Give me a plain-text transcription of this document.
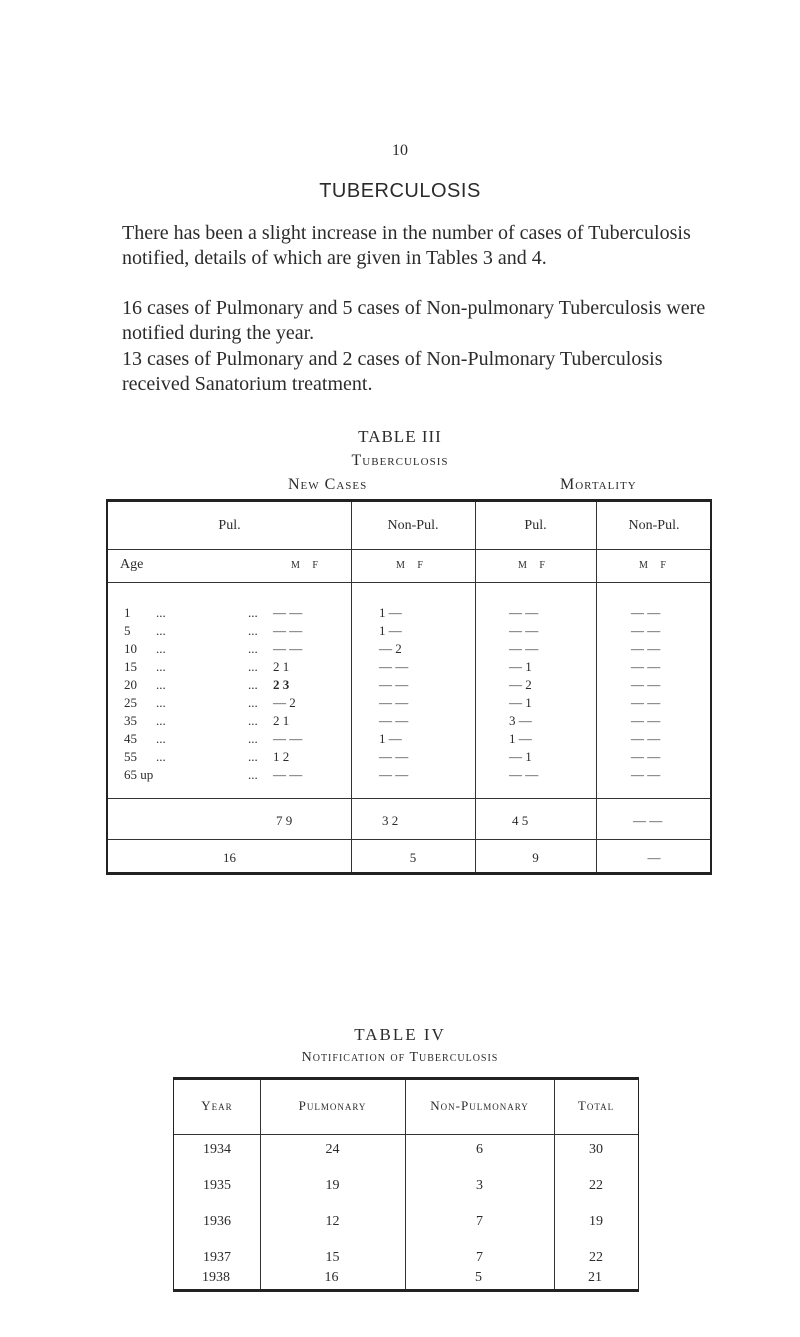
10
TUBERCULOSIS

There has been a slight increase in the number of cases of Tuberculosis notified, details of which are given in Tables 3 and 4.

16 cases of Pulmonary and 5 cases of Non-pulmonary Tuberculosis were notified during the year.

13 cases of Pulmonary and 2 cases of Non-Pulmonary Tuberculosis received Sanatorium treatment.

TABLE III
Tuberculosis
New Cases	Mortality
Pul.	Non-Pul.	Pul.	Non-Pul.
Age	M F	M F	M F	M F
1 ...	... — —	1 —	— —	— —
5 ...	... — —	1 —	— —	— —
10 ...	... — —	— 2	— —	— —
15 ...	... 2 1	— —	— 1	— —
20 ...	... 2 3	— —	— 2	— —
25 ...	... — 2	— —	— 1	— —
35 ...	... 2 1	— —	3 —	— —
45 ...	... — —	1 —	1 —	— —
55 ...	... 1 2	— —	— 1	— —
65 up	... — —	— —	— —	— —
7 9	3 2	4 5	— —
16	5	9	—
TABLE IV
Notification of Tuberculosis
Year	Pulmonary	Non-Pulmonary	Total
1934	24	6	30
1935	19	3	22
1936	12	7	19
1937	15	7	22
1938	16	5	21
